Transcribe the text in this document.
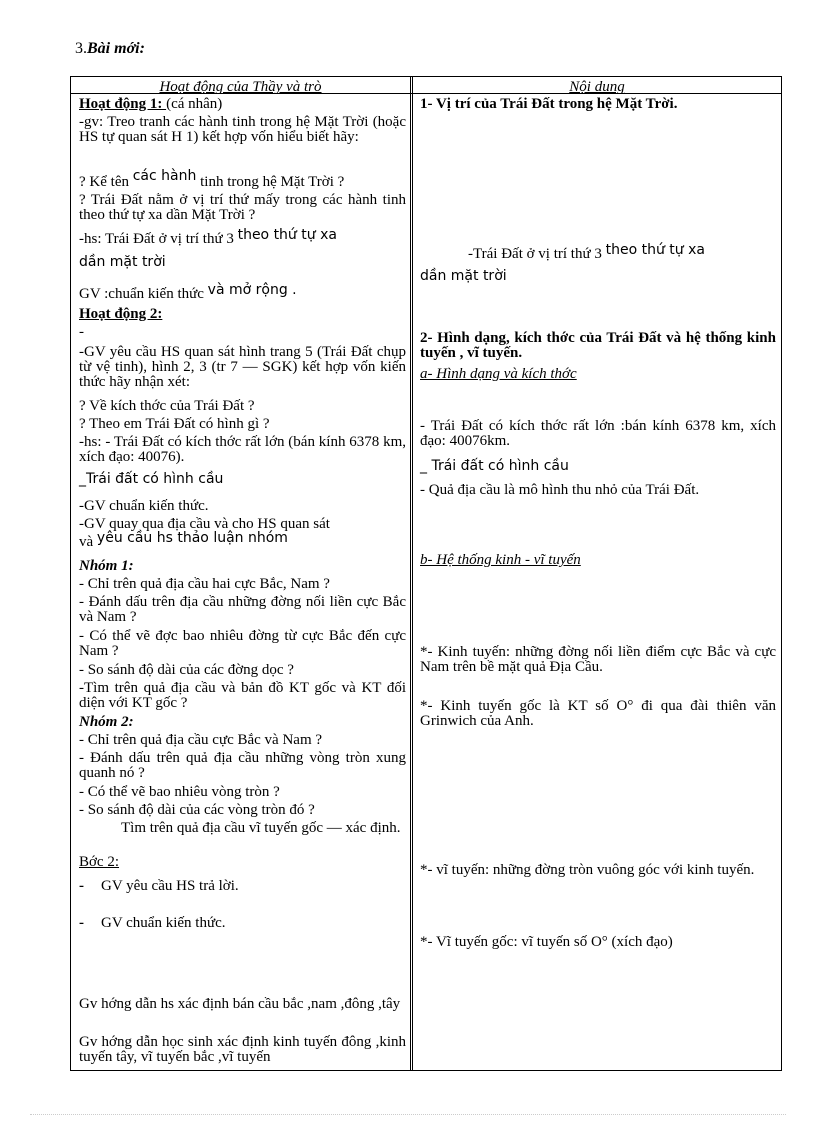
3.Bài mới:
Hoạt động của Thầy và trò	Nội dung
Hoạt động 1: (cá nhân)
-gv: Treo tranh các hành tinh trong hệ Mặt Trời (hoặc HS tự quan sát H 1) kết hợp vốn hiểu biết hãy:
? Kể tên các hành tinh trong hệ Mặt Trời ?
? Trái Đất nằm ở vị trí thứ mấy trong các hành tinh theo thứ tự xa dần Mặt Trời ?
-hs: Trái Đất ở vị trí thứ 3 theo thứ tự xa
dần mặt trời
GV :chuẩn kiến thức và mở rộng .
Hoạt động 2:
-
-GV yêu cầu HS quan sát hình trang 5 (Trái Đất chụp từ vệ tinh), hình 2, 3 (tr 7 — SGK) kết hợp vốn kiến thức hãy nhận xét:
? Về kích thớc của Trái Đất ?
? Theo em Trái Đất có hình gì ?
-hs: - Trái Đất có kích thớc rất lớn (bán kính 6378 km, xích đạo: 40076).
_Trái đất có hình cầu
-GV chuẩn kiến thức.
-GV quay qua địa cầu và cho HS quan sát
và yêu cầu hs thảo luận nhóm
Nhóm 1:
- Chỉ trên quả địa cầu hai cực Bắc, Nam ?
- Đánh dấu trên địa cầu những đờng nối liền cực Bắc và Nam ?
- Có thể vẽ đợc bao nhiêu đờng từ cực Bắc đến cực Nam ?
- So sánh độ dài của các đờng dọc ?
-Tìm trên quả địa cầu và bản đồ KT gốc và KT đối diện với KT gốc ?
Nhóm 2:
- Chỉ trên quả địa cầu cực Bắc và Nam ?
- Đánh dấu trên quả địa cầu những vòng tròn xung quanh nó ?
- Có thể vẽ bao nhiêu vòng tròn ?
- So sánh độ dài của các vòng tròn đó ?
Tìm trên quả địa cầu vĩ tuyến gốc — xác định.
Bớc 2:
- GV yêu cầu HS trả lời.
- GV chuẩn kiến thức.
Gv hớng dẫn hs xác định bán cầu bắc ,nam ,đông ,tây
Gv hớng dẫn học sinh xác định kinh tuyến đông ,kinh tuyến tây, vĩ tuyến bắc ,vĩ tuyến
1- Vị trí của Trái Đất trong hệ Mặt Trời.
-Trái Đất ở vị trí thứ 3 theo thứ tự xa
dần mặt trời
2- Hình dạng, kích thớc của Trái Đất và hệ thống kinh tuyến , vĩ tuyến.
a- Hình dạng và kích thớc
- Trái Đất có kích thớc rất lớn :bán kính 6378 km, xích đạo: 40076km.
_ Trái đất có hình cầu
- Quả địa cầu là mô hình thu nhỏ của Trái Đất.
b- Hệ thống kinh - vĩ tuyến
*- Kinh tuyến: những đờng nối liền điểm cực Bắc và cực Nam trên bề mặt quả Địa Cầu.
*- Kinh tuyến gốc là KT số O° đi qua đài thiên văn Grinwich của Anh.
*- vĩ tuyến: những đờng tròn vuông góc với kinh tuyến.
*- Vĩ tuyến gốc: vĩ tuyến số O° (xích đạo)
